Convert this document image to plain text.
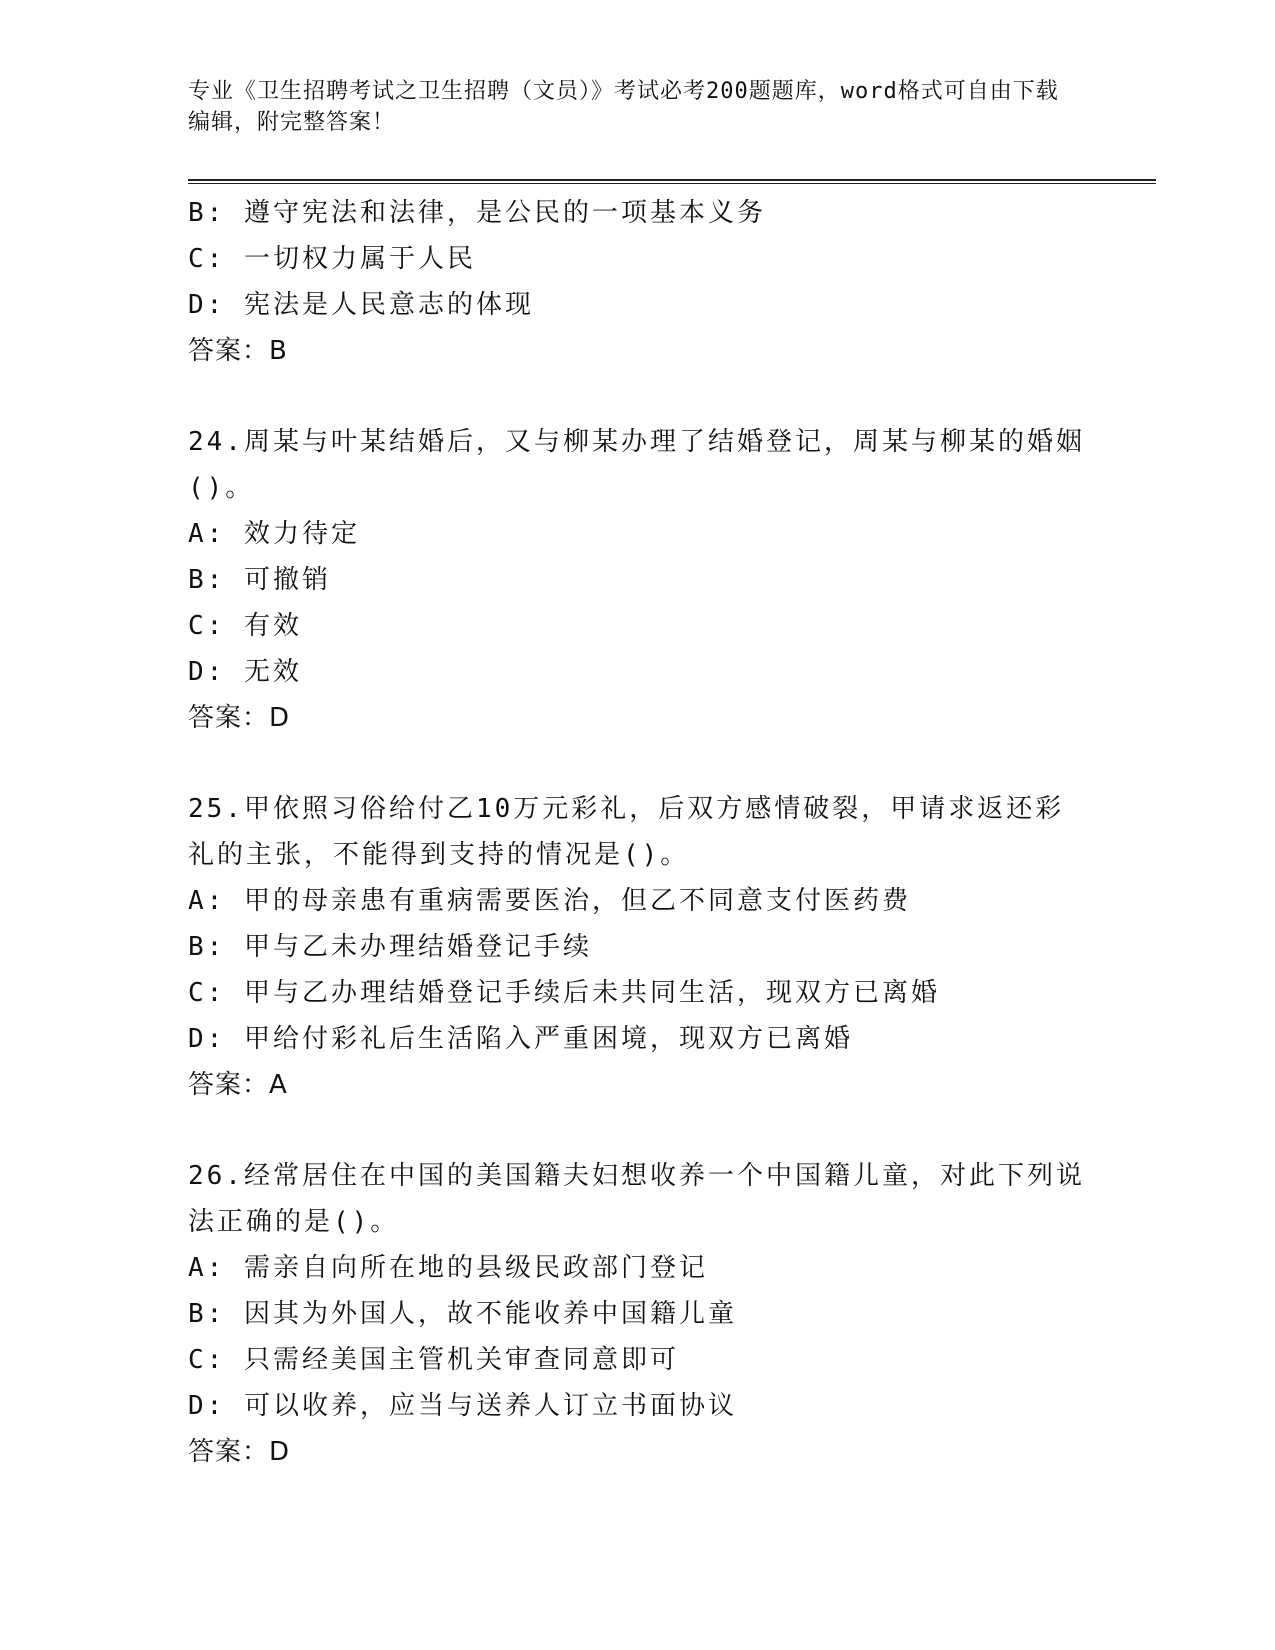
专业《卫生招聘考试之卫生招聘（文员）》考试必考200题题库，word格式可自由下载编辑，附完整答案！
B: 遵守宪法和法律，是公民的一项基本义务
C: 一切权力属于人民
D: 宪法是人民意志的体现
答案：B
24.周某与叶某结婚后，又与柳某办理了结婚登记，周某与柳某的婚姻()。
A: 效力待定
B: 可撤销
C: 有效
D: 无效
答案：D
25.甲依照习俗给付乙10万元彩礼，后双方感情破裂，甲请求返还彩礼的主张，不能得到支持的情况是()。
A: 甲的母亲患有重病需要医治，但乙不同意支付医药费
B: 甲与乙未办理结婚登记手续
C: 甲与乙办理结婚登记手续后未共同生活，现双方已离婚
D: 甲给付彩礼后生活陷入严重困境，现双方已离婚
答案：A
26.经常居住在中国的美国籍夫妇想收养一个中国籍儿童，对此下列说法正确的是()。
A: 需亲自向所在地的县级民政部门登记
B: 因其为外国人，故不能收养中国籍儿童
C: 只需经美国主管机关审查同意即可
D: 可以收养，应当与送养人订立书面协议
答案：D
